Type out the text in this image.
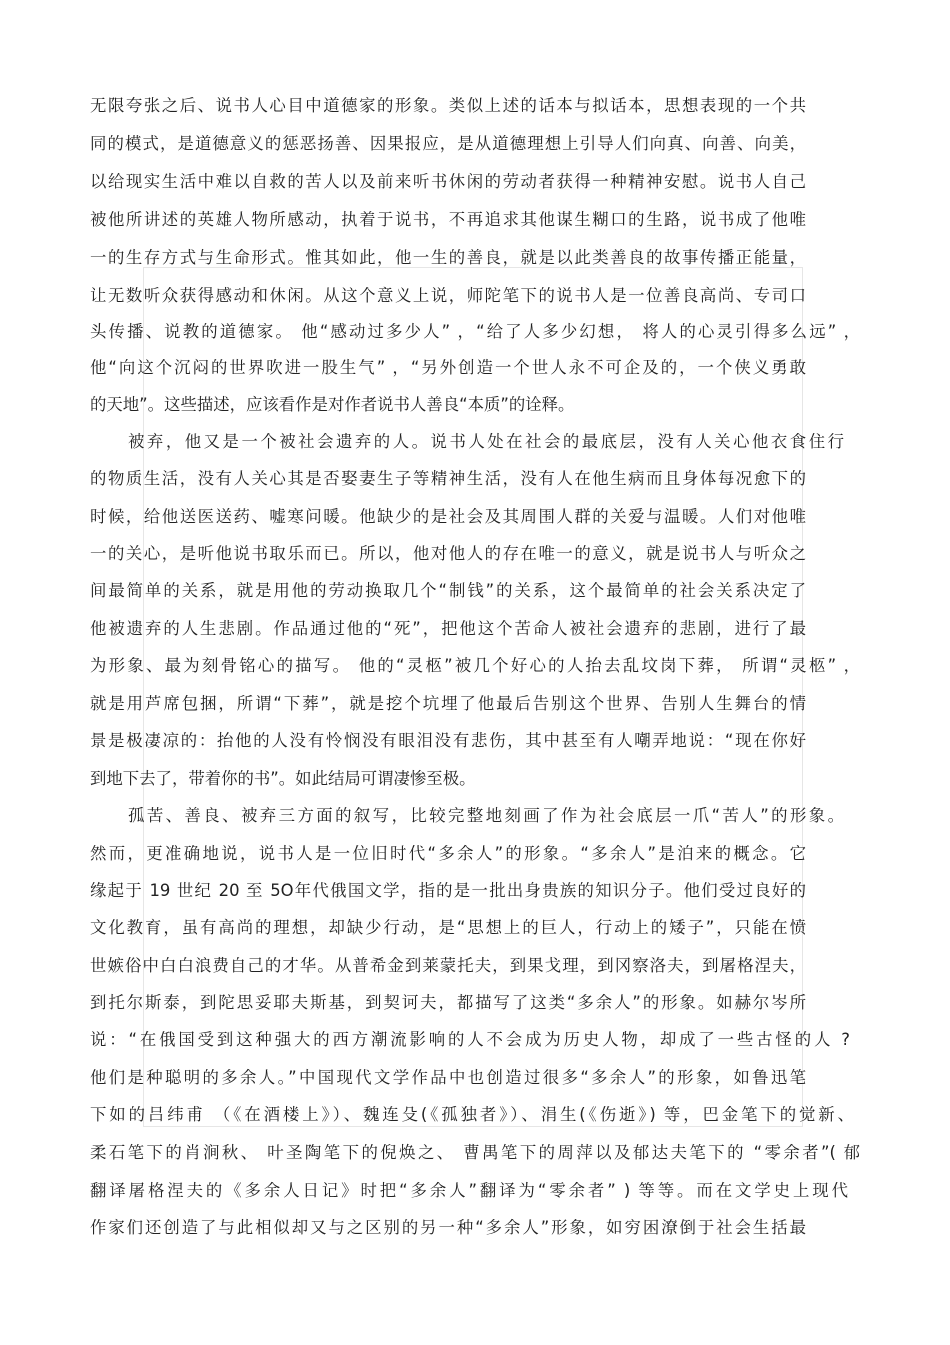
无限夸张之后、说书人心目中道德家的形象。类似上述的话本与拟话本，思想表现的一个共
同的模式，是道德意义的惩恶扬善、因果报应，是从道德理想上引导人们向真、向善、向美，
以给现实生活中难以自救的苦人以及前来听书休闲的劳动者获得一种精神安慰。说书人自己
被他所讲述的英雄人物所感动，执着于说书，不再追求其他谋生糊口的生路，说书成了他唯
一的生存方式与生命形式。惟其如此，他一生的善良，就是以此类善良的故事传播正能量，
让无数听众获得感动和休闲。从这个意义上说，师陀笔下的说书人是一位善良高尚、专司口
头传播、说教的道德家。 他“感动过多少人” ，“给了人多少幻想， 将人的心灵引得多么远” ，
他“向这个沉闷的世界吹进一股生气” ，“另外创造一个世人永不可企及的，一个侠义勇敢
的天地”。这些描述，应该看作是对作者说书人善良“本质”的诠释。
被弃，他又是一个被社会遗弃的人。说书人处在社会的最底层，没有人关心他衣食住行
的物质生活，没有人关心其是否娶妻生子等精神生活，没有人在他生病而且身体每况愈下的
时候，给他送医送药、嘘寒问暖。他缺少的是社会及其周围人群的关爱与温暖。人们对他唯
一的关心，是听他说书取乐而已。所以，他对他人的存在唯一的意义，就是说书人与听众之
间最简单的关系，就是用他的劳动换取几个“制钱”的关系，这个最简单的社会关系决定了
他被遗弃的人生悲剧。作品通过他的“死”，把他这个苦命人被社会遗弃的悲剧，进行了最
为形象、最为刻骨铭心的描写。 他的“灵柩”被几个好心的人抬去乱坟岗下葬， 所谓“灵柩” ，
就是用芦席包捆，所谓“下葬”，就是挖个坑埋了他最后告别这个世界、告别人生舞台的情
景是极凄凉的：抬他的人没有怜悯没有眼泪没有悲伤，其中甚至有人嘲弄地说：“现在你好
到地下去了，带着你的书”。如此结局可谓凄惨至极。
孤苦、善良、被弃三方面的叙写，比较完整地刻画了作为社会底层一爪“苦人”的形象。
然而，更准确地说，说书人是一位旧时代“多余人”的形象。“多余人”是泊来的概念。它
缘起于 19 世纪 20 至 5O年代俄国文学，指的是一批出身贵族的知识分子。他们受过良好的
文化教育，虽有高尚的理想，却缺少行动，是“思想上的巨人，行动上的矮子”，只能在愤
世嫉俗中白白浪费自己的才华。从普希金到莱蒙托夫，到果戈理，到冈察洛夫，到屠格涅夫，
到托尔斯泰，到陀思妥耶夫斯基，到契诃夫，都描写了这类“多余人”的形象。如赫尔岑所
说：“在俄国受到这种强大的西方潮流影响的人不会成为历史人物，却成了一些古怪的人 ?
他们是种聪明的多余人。”中国现代文学作品中也创造过很多“多余人”的形象，如鲁迅笔
下如的吕纬甫 （《在酒楼上》）、魏连殳(《孤独者》）、涓生(《伤逝》) 等，巴金笔下的觉新、
柔石笔下的肖涧秋、 叶圣陶笔下的倪焕之、 曹禺笔下的周萍以及郁达夫笔下的 “零余者”( 郁
翻译屠格涅夫的《多余人日记》时把“多余人”翻译为“零余者” ) 等等。而在文学史上现代
作家们还创造了与此相似却又与之区别的另一种“多余人”形象，如穷困潦倒于社会生括最
